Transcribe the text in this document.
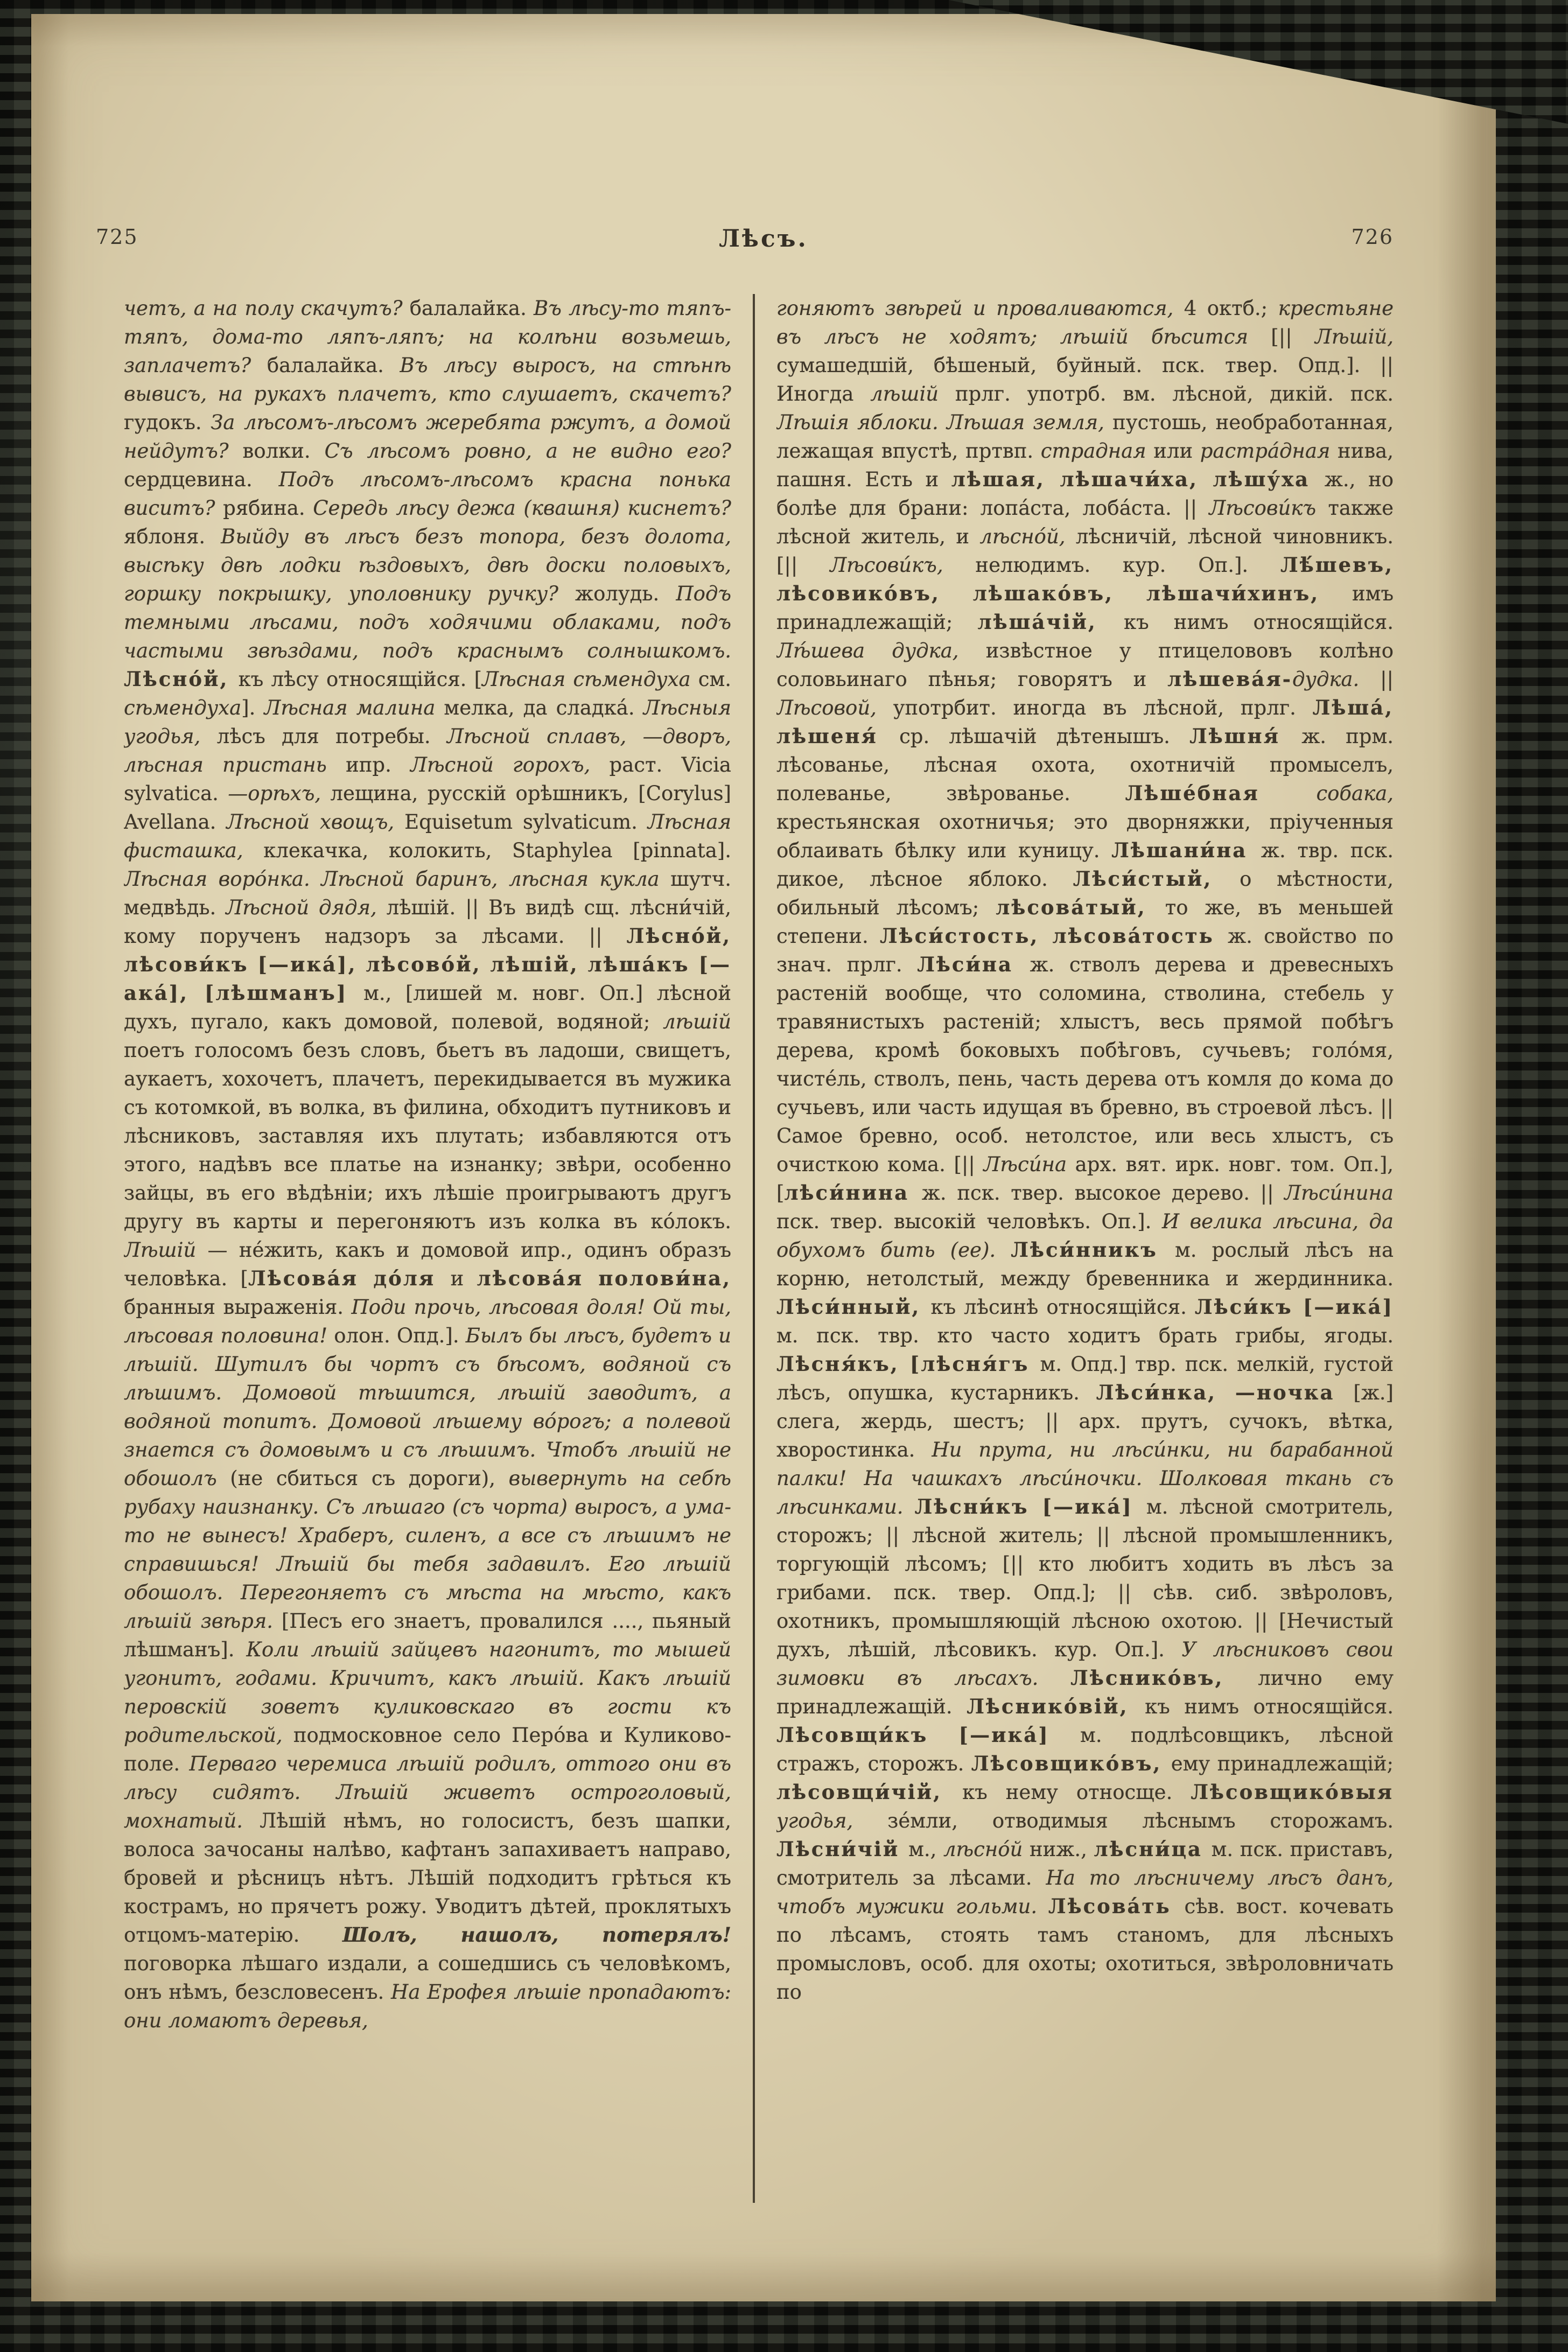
725	Лѣсъ.	726
четъ, а на полу скачутъ? балалайка. Въ лѣсу-то тяпъ-тяпъ, дома-то ляпъ-ляпъ; на колѣни возьмешь, заплачетъ? балалайка. Въ лѣсу выросъ, на стѣнѣ вывисъ, на рукахъ плачетъ, кто слушаетъ, скачетъ? гудокъ. За лѣсомъ-лѣсомъ жеребята ржутъ, а домой нейдутъ? волки. Съ лѣсомъ ровно, а не видно его? сердцевина. Подъ лѣсомъ-лѣсомъ красна понька виситъ? рябина. Середь лѣсу дежа (квашня) киснетъ? яблоня. Выйду въ лѣсъ безъ топора, безъ долота, высѣку двѣ лодки ѣздовыхъ, двѣ доски половыхъ, горшку покрышку, уполовнику ручку? жолудь. Подъ темными лѣсами, подъ ходячими облаками, подъ частыми звѣздами, подъ краснымъ солнышкомъ. Лѣсно́й, къ лѣсу относящійся. [Лѣсная сѣмендуха см. сѣмендуха]. Лѣсная малина мелка, да сладка́. Лѣсныя угодья, лѣсъ для потребы. Лѣсной сплавъ, —дворъ, лѣсная пристань ипр. Лѣсной горохъ, раст. Vicia sylvatica. —орѣхъ, лещина, русскій орѣшникъ, [Corylus] Avellana. Лѣсной хвощъ, Equisetum sylvaticum. Лѣсная фисташка, клекачка, колокить, Staphylea [pinnata]. Лѣсная воро́нка. Лѣсной баринъ, лѣсная кукла шутч. медвѣдь. Лѣсной дядя, лѣшій. || Въ видѣ сщ. лѣсни́чій, кому порученъ надзоръ за лѣсами. || Лѣсно́й, лѣсови́къ [—ика́], лѣсово́й, лѣшій, лѣша́къ [—ака́], [лѣшманъ] м., [лишей м. новг. Оп.] лѣсной духъ, пугало, какъ домовой, полевой, водяной; лѣшій поетъ голосомъ безъ словъ, бьетъ въ ладоши, свищетъ, аукаетъ, хохочетъ, плачетъ, перекидывается въ мужика съ котомкой, въ волка, въ филина, обходитъ путниковъ и лѣсниковъ, заставляя ихъ плутать; избавляются отъ этого, надѣвъ все платье на изнанку; звѣри, особенно зайцы, въ его вѣдѣніи; ихъ лѣшіе проигрываютъ другъ другу въ карты и перегоняютъ изъ колка въ ко́локъ. Лѣшій — не́жить, какъ и домовой ипр., одинъ образъ человѣка. [Лѣсова́я до́ля и лѣсова́я полови́на, бранныя выраженія. Поди прочь, лѣсовая доля! Ой ты, лѣсовая половина! олон. Опд.]. Былъ бы лѣсъ, будетъ и лѣшій. Шутилъ бы чортъ съ бѣсомъ, водяной съ лѣшимъ. Домовой тѣшится, лѣшій заводитъ, а водяной топитъ. Домовой лѣшему во́рогъ; а полевой знается съ домовымъ и съ лѣшимъ. Чтобъ лѣшій не обошолъ (не сбиться съ дороги), вывернуть на себѣ рубаху наизнанку. Съ лѣшаго (съ чорта) выросъ, а ума-то не вынесъ! Храберъ, силенъ, а все съ лѣшимъ не справишься! Лѣшій бы тебя задавилъ. Его лѣшій обошолъ. Перегоняетъ съ мѣста на мѣсто, какъ лѣшій звѣря. [Песъ его знаетъ, провалился ...., пьяный лѣшманъ]. Коли лѣшій зайцевъ нагонитъ, то мышей угонитъ, годами. Кричитъ, какъ лѣшій. Какъ лѣшій перовскій зоветъ куликовскаго въ гости къ родительской, подмосковное село Перо́ва и Куликово-поле. Перваго черемиса лѣшій родилъ, оттого они въ лѣсу сидятъ. Лѣшій живетъ остроголовый, мохнатый. Лѣшій нѣмъ, но голосистъ, безъ шапки, волоса зачосаны налѣво, кафтанъ запахиваетъ направо, бровей и рѣсницъ нѣтъ. Лѣшій подходитъ грѣться къ кострамъ, но прячетъ рожу. Уводитъ дѣтей, проклятыхъ отцомъ-матерію. Шолъ, нашолъ, потерялъ! поговорка лѣшаго издали, а сошедшись съ человѣкомъ, онъ нѣмъ, безсловесенъ. На Ерофея лѣшіе пропадаютъ: они ломаютъ деревья,
гоняютъ звѣрей и проваливаются, 4 октб.; крестьяне въ лѣсъ не ходятъ; лѣшій бѣсится [|| Лѣшій, сумашедшій, бѣшеный, буйный. пск. твер. Опд.]. || Иногда лѣшій прлг. употрб. вм. лѣсной, дикій. пск. Лѣшія яблоки. Лѣшая земля, пустошь, необработанная, лежащая впустѣ, пртвп. страдная или растра́дная нива, пашня. Есть и лѣшая, лѣшачи́ха, лѣшу́ха ж., но болѣе для брани: лопа́ста, лоба́ста. || Лѣсови́къ также лѣсной житель, и лѣсно́й, лѣсничій, лѣсной чиновникъ. [|| Лѣсови́къ, нелюдимъ. кур. Оп.]. Лѣ́шевъ, лѣсовико́въ, лѣшако́въ, лѣшачи́хинъ, имъ принадлежащій; лѣша́чій, къ нимъ относящійся. Лѣ́шева дудка, извѣстное у птицелововъ колѣно соловьинаго пѣнья; говорятъ и лѣшева́я-дудка. || Лѣсовой, употрбит. иногда въ лѣсной, прлг. Лѣша́, лѣшеня́ ср. лѣшачій дѣтенышъ. Лѣшня́ ж. прм. лѣсованье, лѣсная охота, охотничій промыселъ, полеванье, звѣрованье. Лѣше́бная собака, крестьянская охотничья; это дворняжки, пріученныя облаивать бѣлку или куницу. Лѣшани́на ж. твр. пск. дикое, лѣсное яблоко. Лѣси́стый, о мѣстности, обильный лѣсомъ; лѣсова́тый, то же, въ меньшей степени. Лѣси́стость, лѣсова́тость ж. свойство по знач. прлг. Лѣси́на ж. стволъ дерева и древесныхъ растеній вообще, что соломина, стволина, стебель у травянистыхъ растеній; хлыстъ, весь прямой побѣгъ дерева, кромѣ боковыхъ побѣговъ, сучьевъ; голо́мя, чисте́ль, стволъ, пень, часть дерева отъ комля до кома до сучьевъ, или часть идущая въ бревно, въ строевой лѣсъ. || Самое бревно, особ. нетолстое, или весь хлыстъ, съ очисткою кома. [|| Лѣси́на арх. вят. ирк. новг. том. Оп.], [лѣси́нина ж. пск. твер. высокое дерево. || Лѣси́нина пск. твер. высокій человѣкъ. Оп.]. И велика лѣсина, да обухомъ бить (ее). Лѣси́нникъ м. рослый лѣсъ на корню, нетолстый, между бревенника и жердинника. Лѣси́нный, къ лѣсинѣ относящійся. Лѣси́къ [—ика́] м. пск. твр. кто часто ходитъ брать грибы, ягоды. Лѣсня́къ, [лѣсня́гъ м. Опд.] твр. пск. мелкій, густой лѣсъ, опушка, кустарникъ. Лѣси́нка, —ночка [ж.] слега, жердь, шестъ; || арх. прутъ, сучокъ, вѣтка, хворостинка. Ни прута, ни лѣси́нки, ни барабанной палки! На чашкахъ лѣси́ночки. Шолковая ткань съ лѣсинками. Лѣсни́къ [—ика́] м. лѣсной смотритель, сторожъ; || лѣсной житель; || лѣсной промышленникъ, торгующій лѣсомъ; [|| кто любитъ ходить въ лѣсъ за грибами. пск. твер. Опд.]; || сѣв. сиб. звѣроловъ, охотникъ, промышляющій лѣсною охотою. || [Нечистый духъ, лѣшій, лѣсовикъ. кур. Оп.]. У лѣсниковъ свои зимовки въ лѣсахъ. Лѣснико́въ, лично ему принадлежащій. Лѣснико́вій, къ нимъ относящійся. Лѣсовщи́къ [—ика́] м. подлѣсовщикъ, лѣсной стражъ, сторожъ. Лѣсовщико́въ, ему принадлежащій; лѣсовщи́чій, къ нему относще. Лѣсовщико́выя угодья, зе́мли, отводимыя лѣснымъ сторожамъ. Лѣсни́чій м., лѣсно́й ниж., лѣсни́ца м. пск. приставъ, смотритель за лѣсами. На то лѣсничему лѣсъ данъ, чтобъ мужики гольми. Лѣсова́ть сѣв. вост. кочевать по лѣсамъ, стоять тамъ станомъ, для лѣсныхъ промысловъ, особ. для охоты; охотиться, звѣроловничать по
